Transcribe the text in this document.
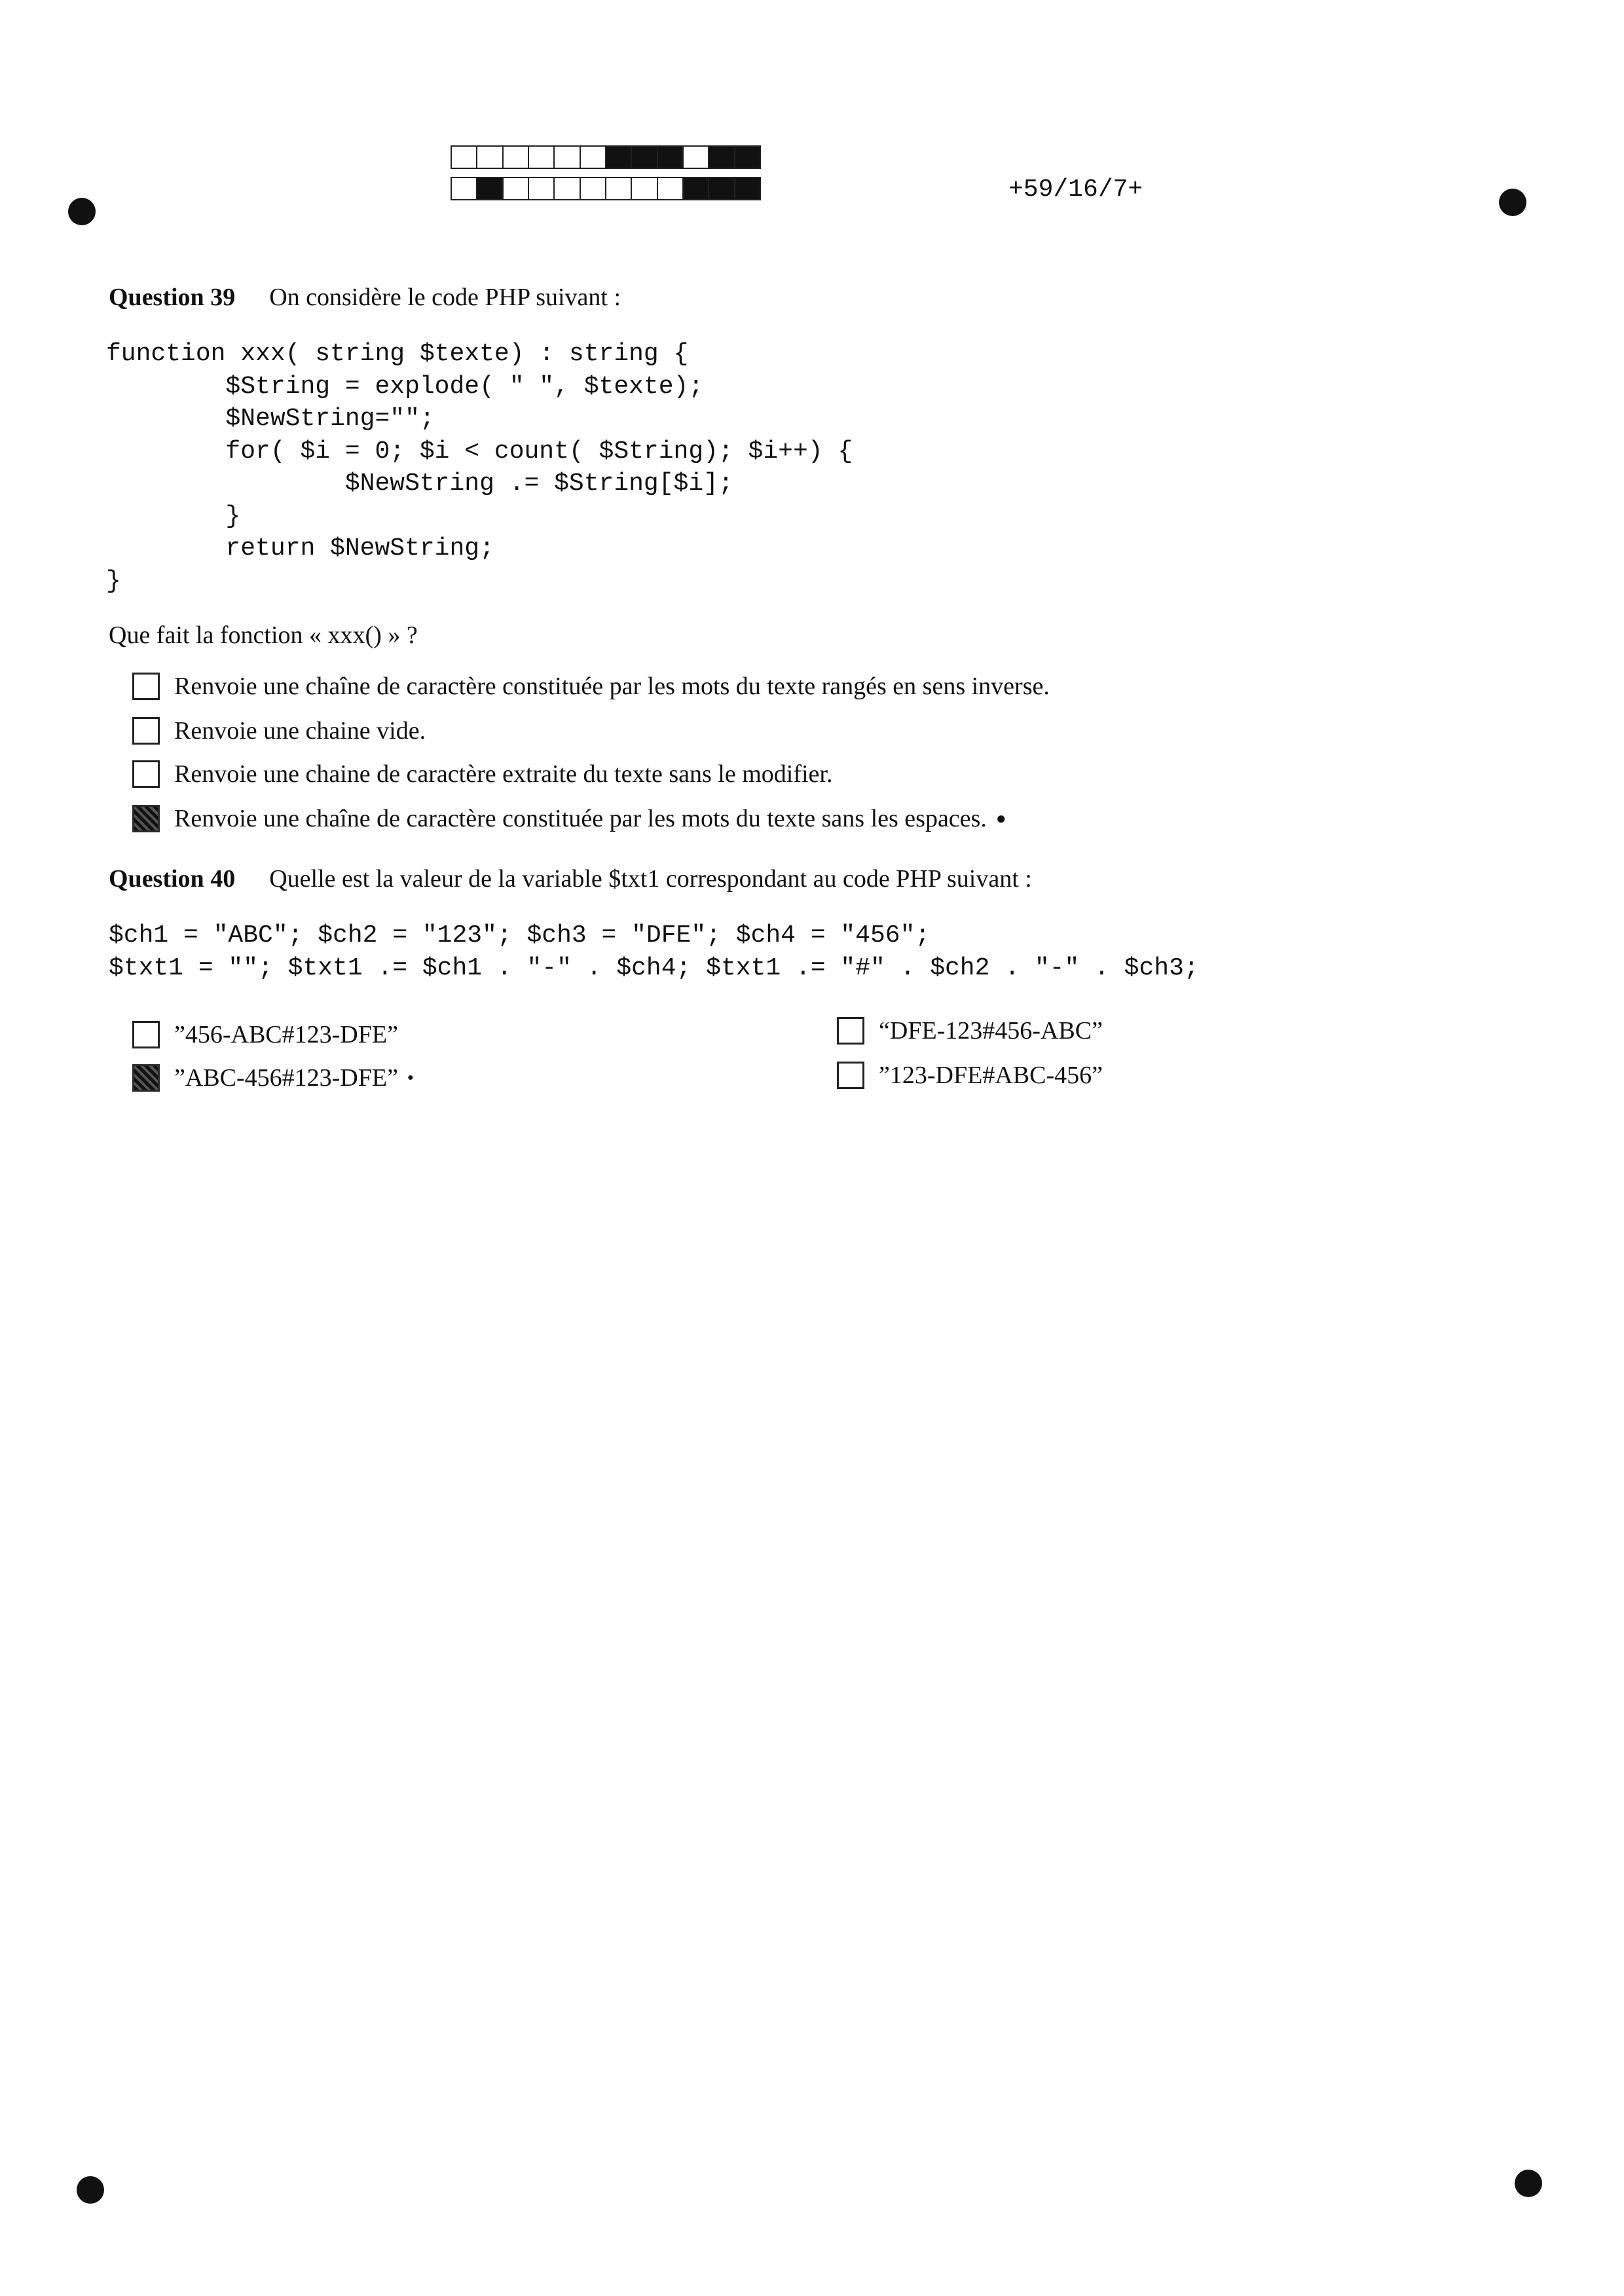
+59/16/7+
Question 39 On considère le code PHP suivant :
function xxx( string $texte) : string {
$String = explode( " ", $texte);
$NewString="";
for( $i = 0; $i < count( $String); $i++) {
$NewString .= $String[$i];
}
return $NewString;
}
Que fait la fonction « xxx() » ?
Renvoie une chaîne de caractère constituée par les mots du texte rangés en sens inverse.
Renvoie une chaine vide.
Renvoie une chaine de caractère extraite du texte sans le modifier.
Renvoie une chaîne de caractère constituée par les mots du texte sans les espaces. ●
Question 40 Quelle est la valeur de la variable $txt1 correspondant au code PHP suivant :
$ch1 = "ABC"; $ch2 = "123"; $ch3 = "DFE"; $ch4 = "456";
$txt1 = ""; $txt1 .= $ch1 . "-" . $ch4; $txt1 .= "#" . $ch2 . "-" . $ch3;
”456-ABC#123-DFE”
”ABC-456#123-DFE” ●
“DFE-123#456-ABC”
”123-DFE#ABC-456”
